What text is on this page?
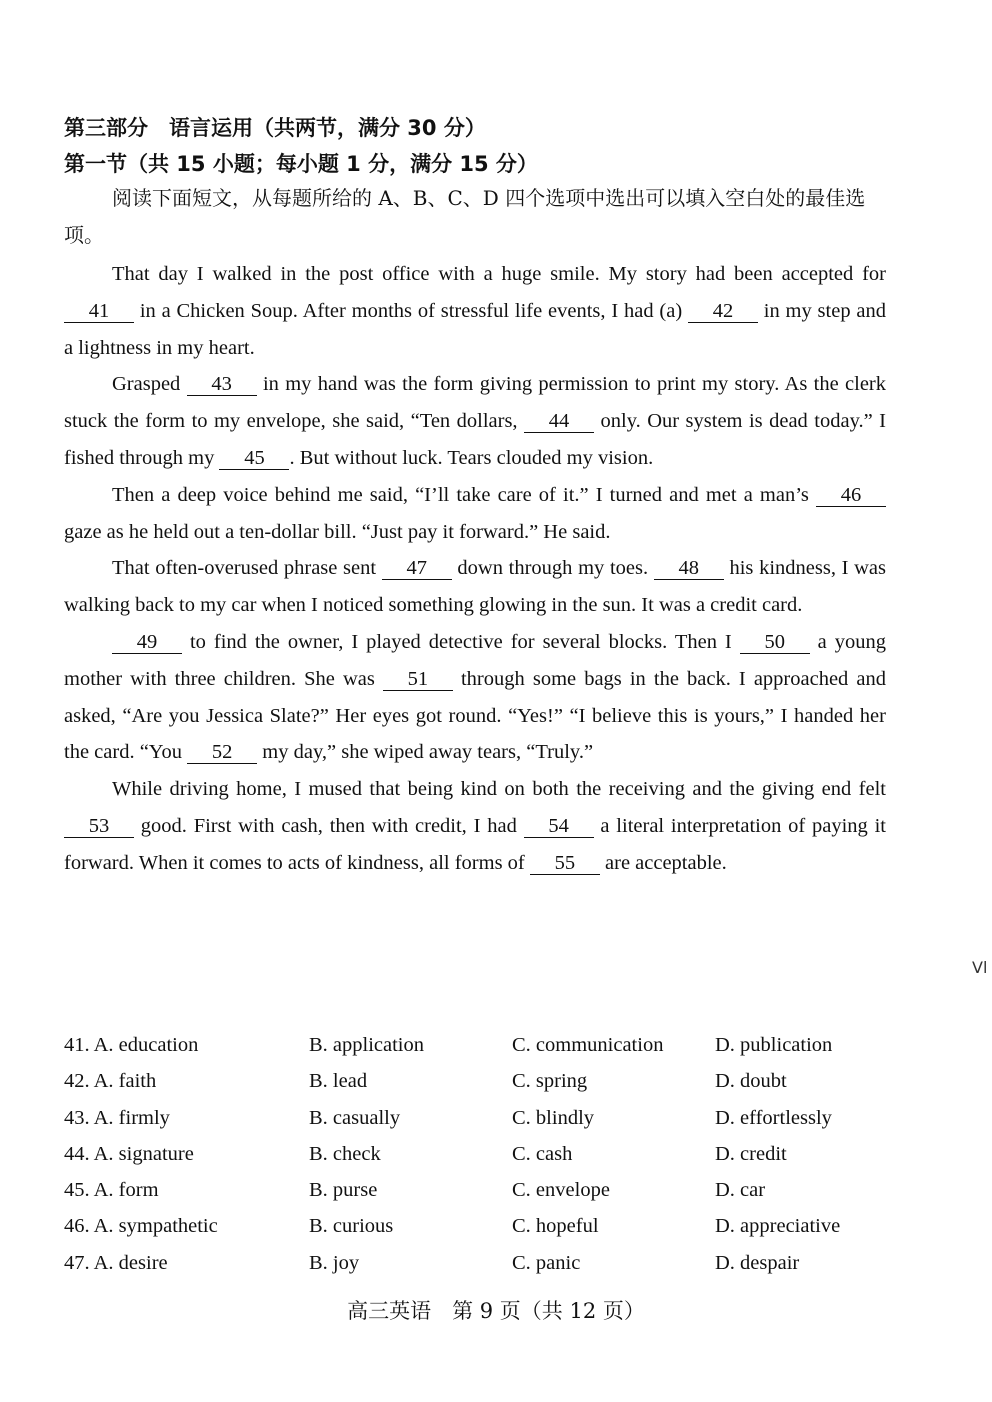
第三部分　语言运用（共两节，满分 30 分）
第一节（共 15 小题；每小题 1 分，满分 15 分）
阅读下面短文，从每题所给的 A、B、C、D 四个选项中选出可以填入空白处的最佳选项。

That day I walked in the post office with a huge smile. My story had been accepted for 41 in a Chicken Soup. After months of stressful life events, I had (a) 42 in my step and a lightness in my heart.

Grasped 43 in my hand was the form giving permission to print my story. As the clerk stuck the form to my envelope, she said, “Ten dollars, 44 only. Our system is dead today.” I fished through my 45 . But without luck. Tears clouded my vision.

Then a deep voice behind me said, “I’ll take care of it.” I turned and met a man’s 46 gaze as he held out a ten-dollar bill. “Just pay it forward.” He said.

That often-overused phrase sent 47 down through my toes. 48 his kindness, I was walking back to my car when I noticed something glowing in the sun. It was a credit card.

49 to find the owner, I played detective for several blocks. Then I 50 a young mother with three children. She was 51 through some bags in the back. I approached and asked, “Are you Jessica Slate?” Her eyes got round. “Yes!” “I believe this is yours,” I handed her the card. “You 52 my day,” she wiped away tears, “Truly.”

While driving home, I mused that being kind on both the receiving and the giving end felt 53 good. First with cash, then with credit, I had 54 a literal interpretation of paying it forward. When it comes to acts of kindness, all forms of 55 are acceptable.

41. A. education	B. application	C. communication	D. publication
42. A. faith	B. lead	C. spring	D. doubt
43. A. firmly	B. casually	C. blindly	D. effortlessly
44. A. signature	B. check	C. cash	D. credit
45. A. form	B. purse	C. envelope	D. car
46. A. sympathetic	B. curious	C. hopeful	D. appreciative
47. A. desire	B. joy	C. panic	D. despair
高三英语　第 9 页（共 12 页）
Vl
